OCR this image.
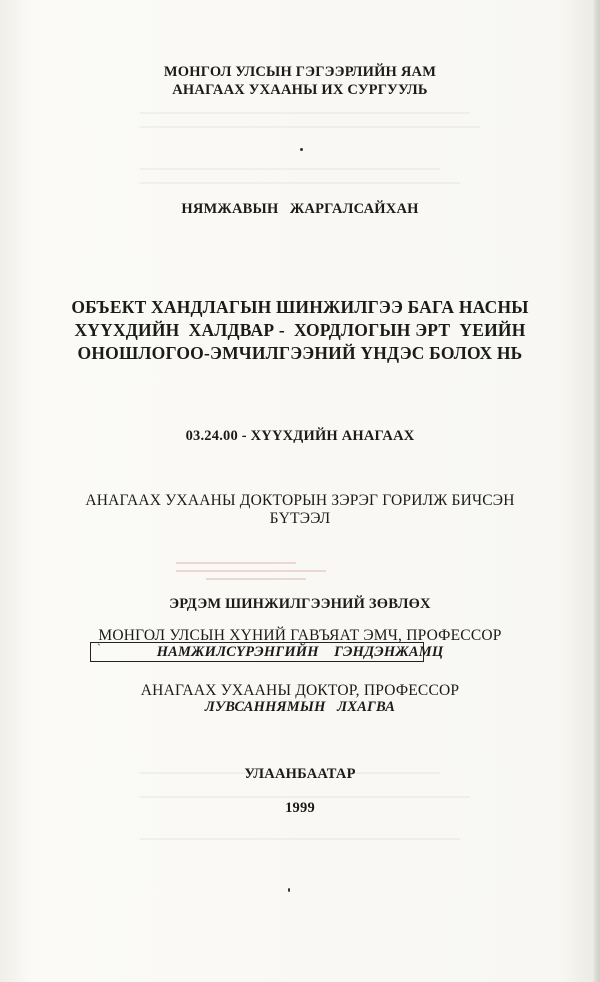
МОНГОЛ УЛСЫН ГЭГЭЭРЛИЙН ЯАМ
АНАГААХ УХААНЫ ИХ СУРГУУЛЬ
НЯМЖАВЫН   ЖАРГАЛСАЙХАН
ОБЪЕКТ ХАНДЛАГЫН ШИНЖИЛГЭЭ БАГА НАСНЫ
ХҮҮХДИЙН  ХАЛДВАР -  ХОРДЛОГЫН ЭРТ  ҮЕИЙН
ОНОШЛОГОО-ЭМЧИЛГЭЭНИЙ ҮНДЭС БОЛОХ НЬ
03.24.00 - ХҮҮХДИЙН АНАГААХ
АНАГААХ УХААНЫ ДОКТОРЫН ЗЭРЭГ ГОРИЛЖ БИЧСЭН
БҮТЭЭЛ
ЭРДЭМ ШИНЖИЛГЭЭНИЙ ЗӨВЛӨХ
МОНГОЛ УЛСЫН ХҮНИЙ ГАВЪЯАТ ЭМЧ, ПРОФЕССОР
`	НАМЖИЛСҮРЭНГИЙН    ГЭНДЭНЖАМЦ
АНАГААХ УХААНЫ ДОКТОР, ПРОФЕССОР
ЛУВСАННЯМЫН   ЛХАГВА
УЛААНБААТАР
1999
